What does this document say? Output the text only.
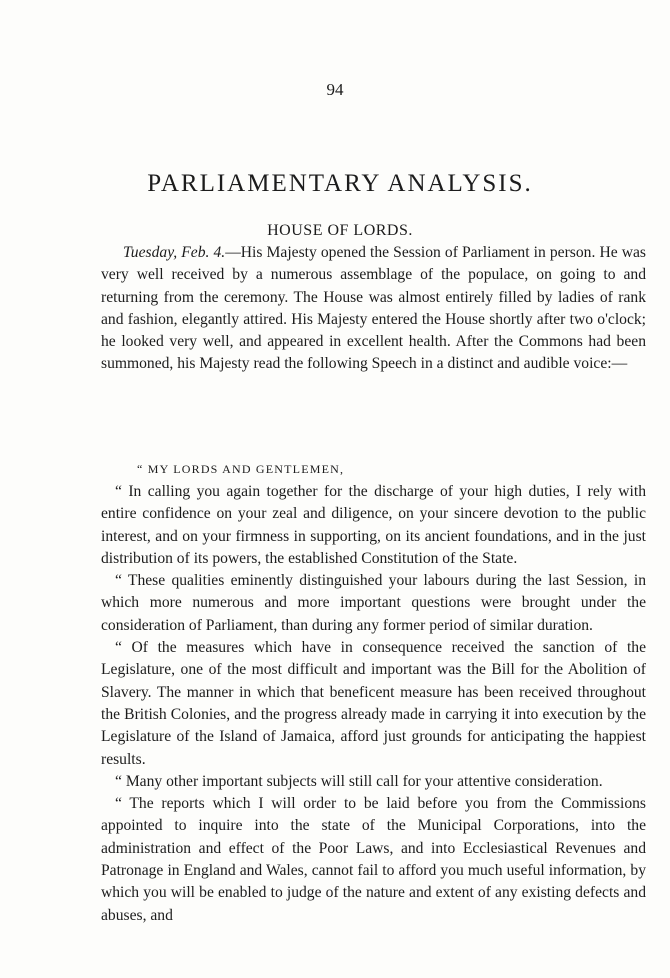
94
PARLIAMENTARY ANALYSIS.
HOUSE OF LORDS.

Tuesday, Feb. 4.—His Majesty opened the Session of Parliament in person. He was very well received by a numerous assemblage of the populace, on going to and returning from the ceremony. The House was almost entirely filled by ladies of rank and fashion, elegantly attired. His Majesty entered the House shortly after two o'clock; he looked very well, and appeared in excellent health. After the Commons had been summoned, his Majesty read the following Speech in a distinct and audible voice:—

“ MY LORDS AND GENTLEMEN,

“ In calling you again together for the discharge of your high duties, I rely with entire confidence on your zeal and diligence, on your sincere devotion to the public interest, and on your firmness in supporting, on its ancient foundations, and in the just distribution of its powers, the established Constitution of the State.

“ These qualities eminently distinguished your labours during the last Session, in which more numerous and more important questions were brought under the consideration of Parliament, than during any former period of similar duration.

“ Of the measures which have in consequence received the sanction of the Legislature, one of the most difficult and important was the Bill for the Abolition of Slavery. The manner in which that beneficent measure has been received throughout the British Colonies, and the progress already made in carrying it into execution by the Legislature of the Island of Jamaica, afford just grounds for anticipating the happiest results.

“ Many other important subjects will still call for your attentive consideration.

“ The reports which I will order to be laid before you from the Commissions appointed to inquire into the state of the Municipal Corporations, into the administration and effect of the Poor Laws, and into Ecclesiastical Revenues and Patronage in England and Wales, cannot fail to afford you much useful information, by which you will be enabled to judge of the nature and extent of any existing defects and abuses, and
